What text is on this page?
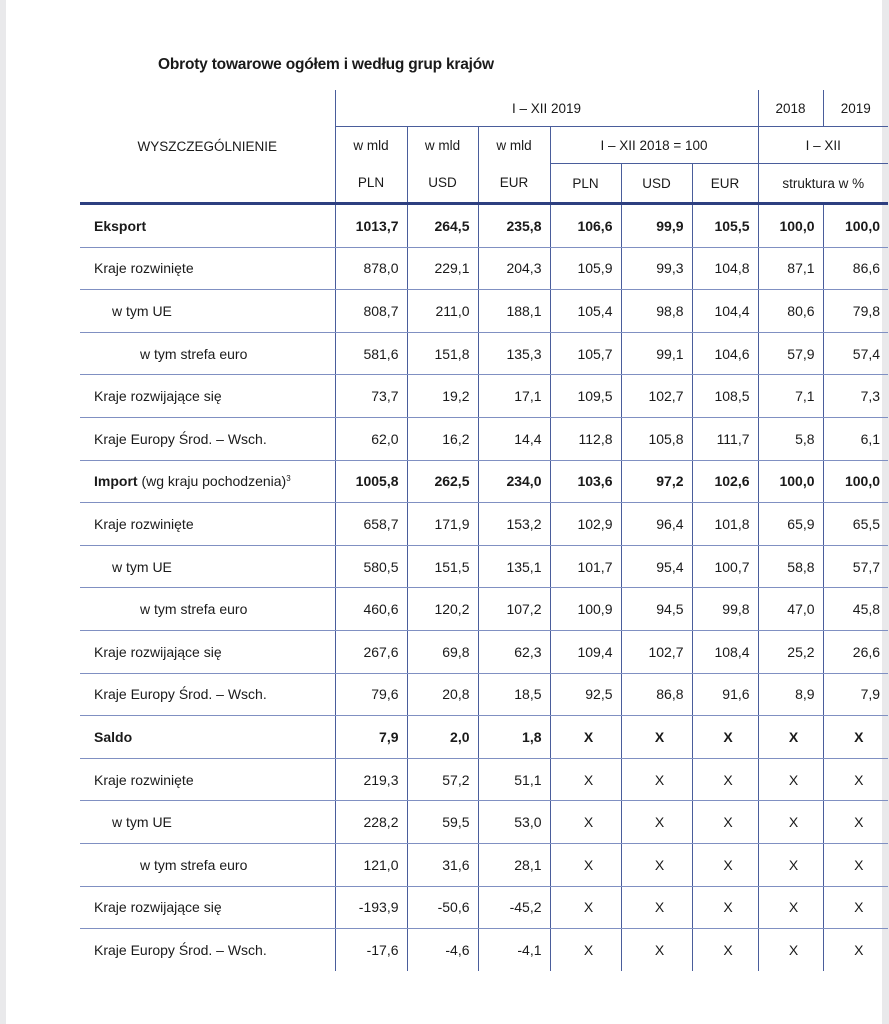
Obroty towarowe ogółem i według grup krajów
WYSZCZEGÓLNIENIE	I – XII 2019						2018	2019
	w mld	w mld	w mld	I – XII 2018 = 100			I – XII	
	PLN	USD	EUR	PLN	USD	EUR	struktura w %	
Eksport	1013,7	264,5	235,8	106,6	99,9	105,5	100,0	100,0
Kraje rozwinięte	878,0	229,1	204,3	105,9	99,3	104,8	87,1	86,6
w tym UE	808,7	211,0	188,1	105,4	98,8	104,4	80,6	79,8
w tym strefa euro	581,6	151,8	135,3	105,7	99,1	104,6	57,9	57,4
Kraje rozwijające się	73,7	19,2	17,1	109,5	102,7	108,5	7,1	7,3
Kraje Europy Środ. – Wsch.	62,0	16,2	14,4	112,8	105,8	111,7	5,8	6,1
Import (wg kraju pochodzenia)$^3$	1005,8	262,5	234,0	103,6	97,2	102,6	100,0	100,0
Kraje rozwinięte	658,7	171,9	153,2	102,9	96,4	101,8	65,9	65,5
w tym UE	580,5	151,5	135,1	101,7	95,4	100,7	58,8	57,7
w tym strefa euro	460,6	120,2	107,2	100,9	94,5	99,8	47,0	45,8
Kraje rozwijające się	267,6	69,8	62,3	109,4	102,7	108,4	25,2	26,6
Kraje Europy Środ. – Wsch.	79,6	20,8	18,5	92,5	86,8	91,6	8,9	7,9
Saldo	7,9	2,0	1,8	X	X	X	X	X
Kraje rozwinięte	219,3	57,2	51,1	X	X	X	X	X
w tym UE	228,2	59,5	53,0	X	X	X	X	X
w tym strefa euro	121,0	31,6	28,1	X	X	X	X	X
Kraje rozwijające się	-193,9	-50,6	-45,2	X	X	X	X	X
Kraje Europy Środ. – Wsch.	-17,6	-4,6	-4,1	X	X	X	X	X
